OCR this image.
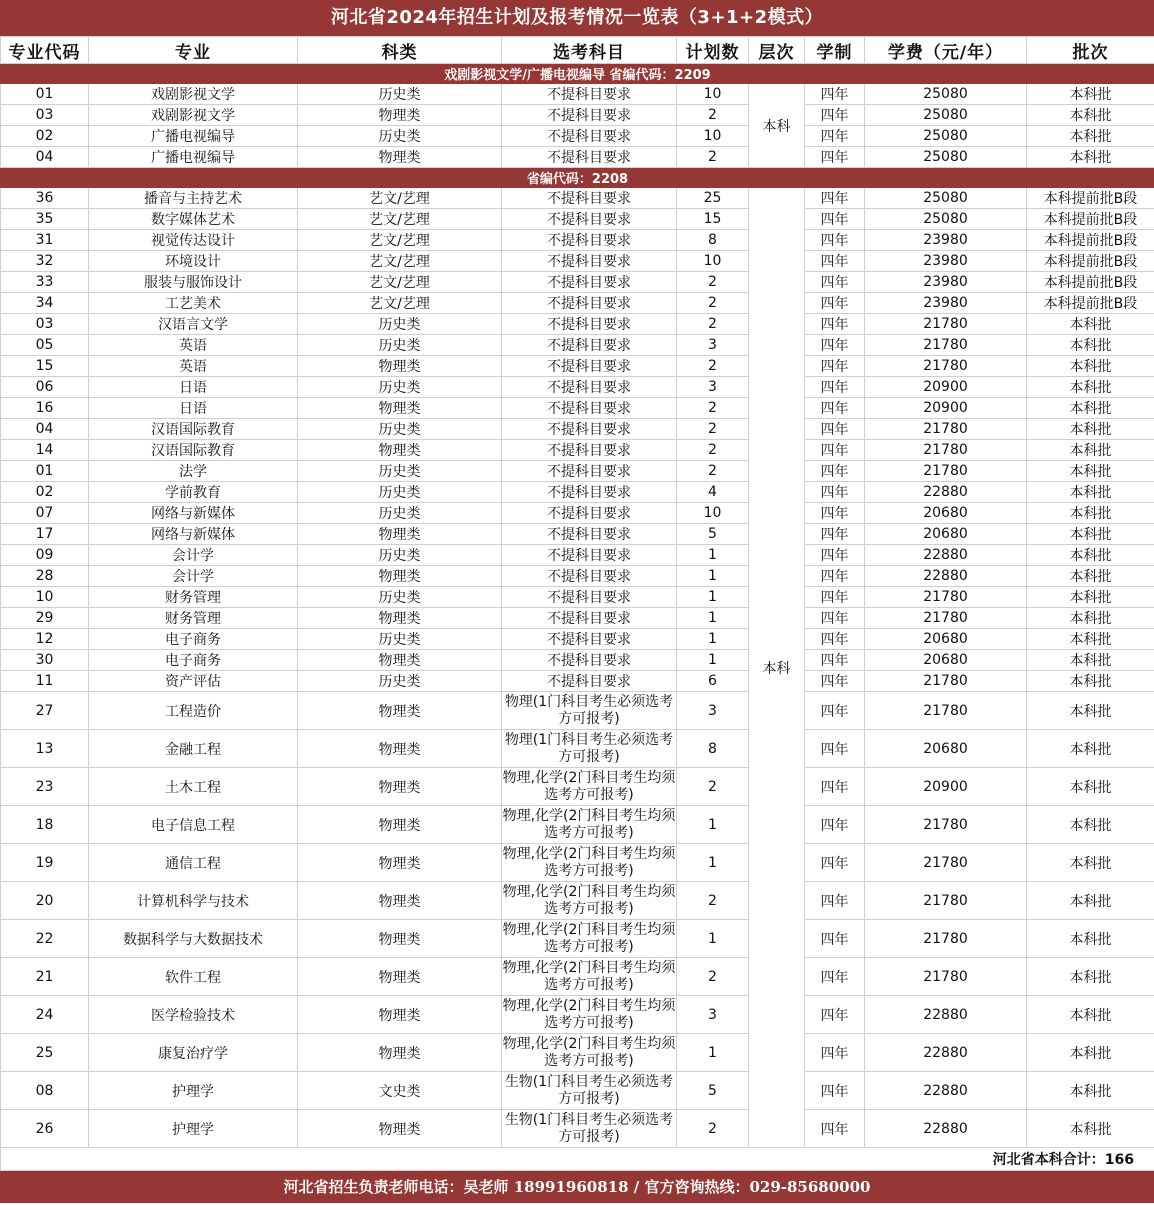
河北省2024年招生计划及报考情况一览表（3+1+2模式）
专业代码	专业	科类	选考科目	计划数	层次	学制	学费（元/年）	批次
戏剧影视文学/广播电视编导 省编代码：2209								
01	戏剧影视文学	历史类	不提科目要求	10	本科	四年	25080	本科批
03	戏剧影视文学	物理类	不提科目要求	2		四年	25080	本科批
02	广播电视编导	历史类	不提科目要求	10		四年	25080	本科批
04	广播电视编导	物理类	不提科目要求	2		四年	25080	本科批
省编代码：2208								
36	播音与主持艺术	艺文/艺理	不提科目要求	25	本科	四年	25080	本科提前批B段
35	数字媒体艺术	艺文/艺理	不提科目要求	15		四年	25080	本科提前批B段
31	视觉传达设计	艺文/艺理	不提科目要求	8		四年	23980	本科提前批B段
32	环境设计	艺文/艺理	不提科目要求	10		四年	23980	本科提前批B段
33	服装与服饰设计	艺文/艺理	不提科目要求	2		四年	23980	本科提前批B段
34	工艺美术	艺文/艺理	不提科目要求	2		四年	23980	本科提前批B段
03	汉语言文学	历史类	不提科目要求	2		四年	21780	本科批
05	英语	历史类	不提科目要求	3		四年	21780	本科批
15	英语	物理类	不提科目要求	2		四年	21780	本科批
06	日语	历史类	不提科目要求	3		四年	20900	本科批
16	日语	物理类	不提科目要求	2		四年	20900	本科批
04	汉语国际教育	历史类	不提科目要求	2		四年	21780	本科批
14	汉语国际教育	物理类	不提科目要求	2		四年	21780	本科批
01	法学	历史类	不提科目要求	2		四年	21780	本科批
02	学前教育	历史类	不提科目要求	4		四年	22880	本科批
07	网络与新媒体	历史类	不提科目要求	10		四年	20680	本科批
17	网络与新媒体	物理类	不提科目要求	5		四年	20680	本科批
09	会计学	历史类	不提科目要求	1		四年	22880	本科批
28	会计学	物理类	不提科目要求	1		四年	22880	本科批
10	财务管理	历史类	不提科目要求	1		四年	21780	本科批
29	财务管理	物理类	不提科目要求	1		四年	21780	本科批
12	电子商务	历史类	不提科目要求	1		四年	20680	本科批
30	电子商务	物理类	不提科目要求	1		四年	20680	本科批
11	资产评估	历史类	不提科目要求	6		四年	21780	本科批
27	工程造价	物理类	物理(1门科目考生必须选考方可报考)	3		四年	21780	本科批
13	金融工程	物理类	物理(1门科目考生必须选考方可报考)	8		四年	20680	本科批
23	土木工程	物理类	物理,化学(2门科目考生均须选考方可报考)	2		四年	20900	本科批
18	电子信息工程	物理类	物理,化学(2门科目考生均须选考方可报考)	1		四年	21780	本科批
19	通信工程	物理类	物理,化学(2门科目考生均须选考方可报考)	1		四年	21780	本科批
20	计算机科学与技术	物理类	物理,化学(2门科目考生均须选考方可报考)	2		四年	21780	本科批
22	数据科学与大数据技术	物理类	物理,化学(2门科目考生均须选考方可报考)	1		四年	21780	本科批
21	软件工程	物理类	物理,化学(2门科目考生均须选考方可报考)	2		四年	21780	本科批
24	医学检验技术	物理类	物理,化学(2门科目考生均须选考方可报考)	3		四年	22880	本科批
25	康复治疗学	物理类	物理,化学(2门科目考生均须选考方可报考)	1		四年	22880	本科批
08	护理学	文史类	生物(1门科目考生必须选考方可报考)	5		四年	22880	本科批
26	护理学	物理类	生物(1门科目考生必须选考方可报考)	2		四年	22880	本科批
河北省本科合计：166								
河北省招生负责老师电话：吴老师 18991960818 / 官方咨询热线：029-85680000
